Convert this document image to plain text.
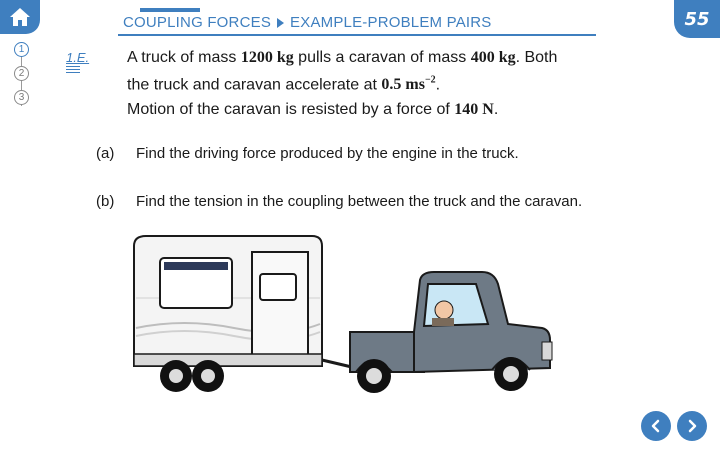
55
COUPLING FORCES EXAMPLE-PROBLEM PAIRS
1
2
3
1.E. A truck of mass 1200 kg pulls a caravan of mass 400 kg. Both
the truck and caravan accelerate at 0.5 $ms^{-2}$.
Motion of the caravan is resisted by a force of 140 N.
(a) Find the driving force produced by the engine in the truck.
(b) Find the tension in the coupling between the truck and the caravan.
